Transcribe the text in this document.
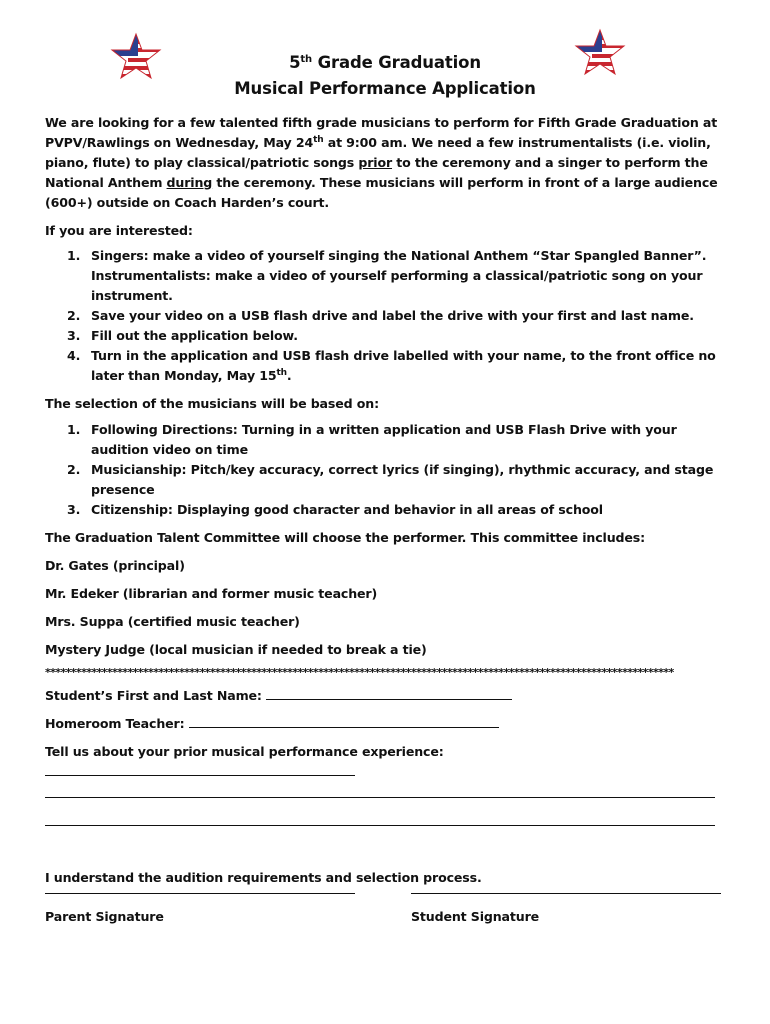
5th Grade Graduation
Musical Performance Application

We are looking for a few talented fifth grade musicians to perform for Fifth Grade Graduation at PVPV/Rawlings on Wednesday, May 24th at 9:00 am. We need a few instrumentalists (i.e. violin, piano, flute) to play classical/patriotic songs prior to the ceremony and a singer to perform the National Anthem during the ceremony. These musicians will perform in front of a large audience (600+) outside on Coach Harden’s court.

If you are interested:

1. Singers: make a video of yourself singing the National Anthem “Star Spangled Banner”.
Instrumentalists: make a video of yourself performing a classical/patriotic song on your instrument.
2. Save your video on a USB flash drive and label the drive with your first and last name.
3. Fill out the application below.
4. Turn in the application and USB flash drive labelled with your name, to the front office no later than Monday, May 15th.

The selection of the musicians will be based on:

1. Following Directions: Turning in a written application and USB Flash Drive with your audition video on time
2. Musicianship: Pitch/key accuracy, correct lyrics (if singing), rhythmic accuracy, and stage presence
3. Citizenship: Displaying good character and behavior in all areas of school

The Graduation Talent Committee will choose the performer. This committee includes:

Dr. Gates (principal)

Mr. Edeker (librarian and former music teacher)

Mrs. Suppa (certified music teacher)

Mystery Judge (local musician if needed to break a tie)

**************************************************************************************************************************

Student’s First and Last Name:

Homeroom Teacher:

Tell us about your prior musical performance experience:

I understand the audition requirements and selection process.

Parent Signature	Student Signature
